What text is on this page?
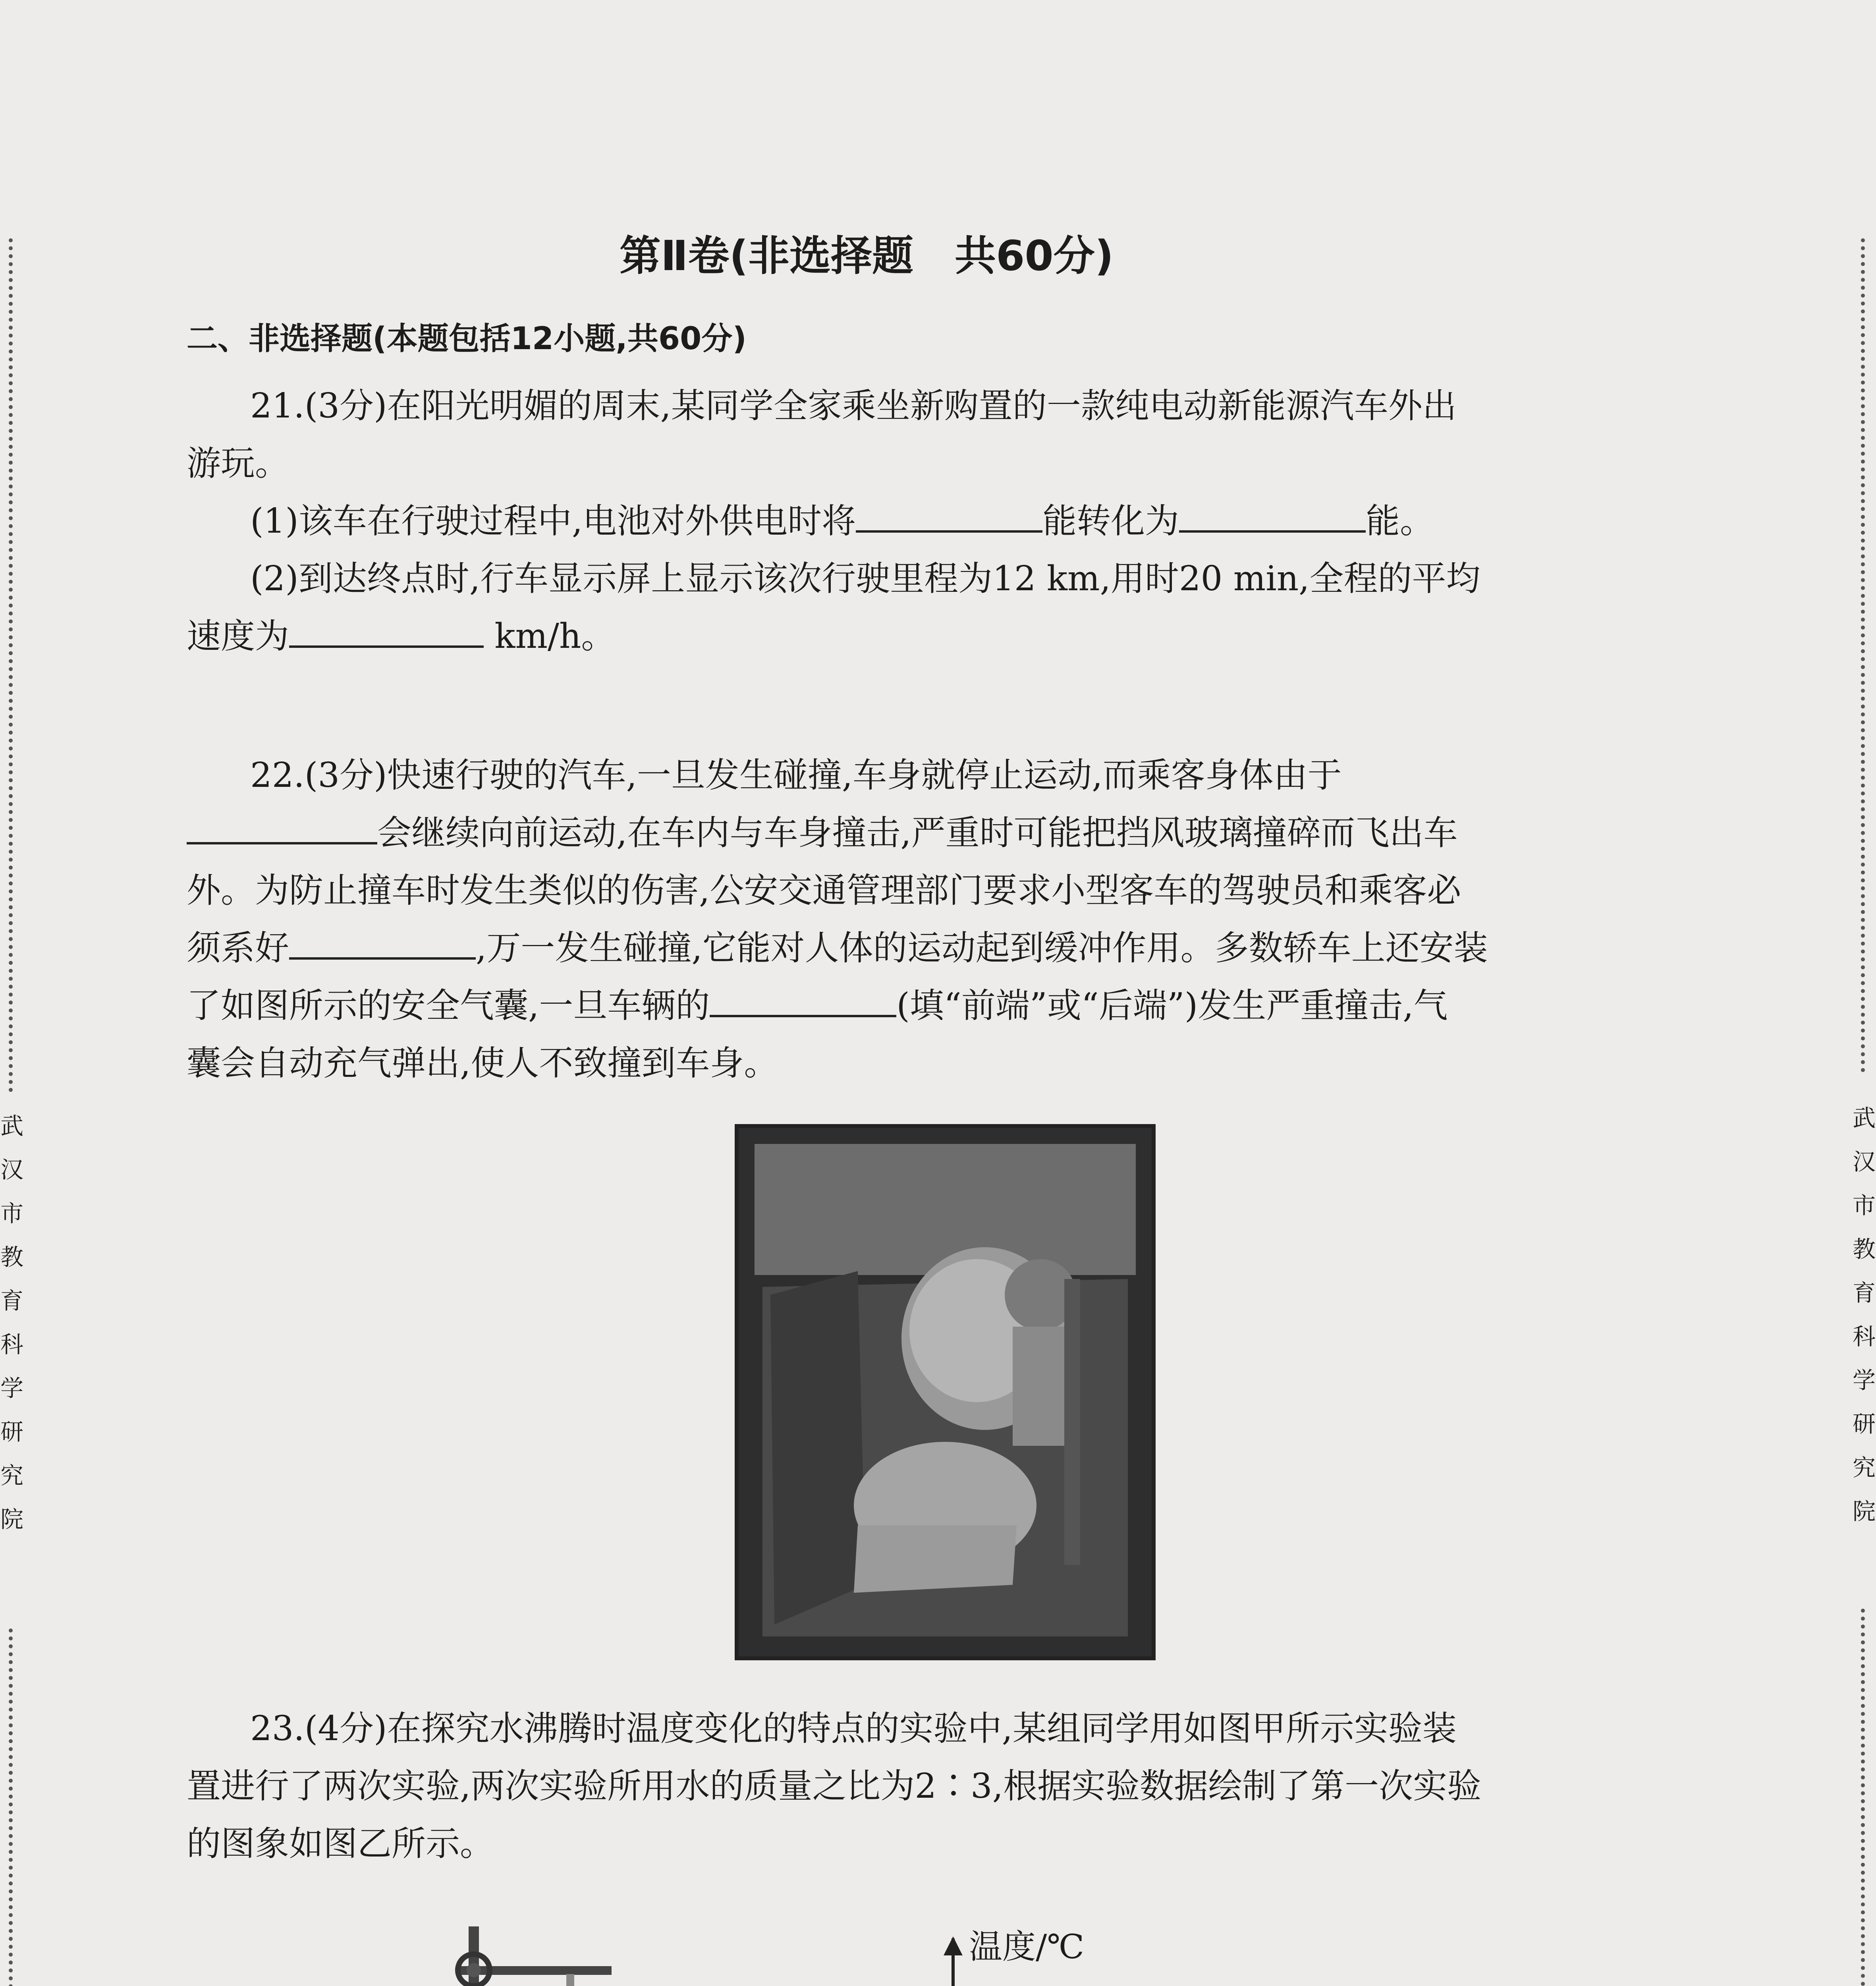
武
汉
市
教
育
科
学
研
究
院
武
汉
市
教
育
科
学
研
究
院
第Ⅱ卷(非选择题　共60分)
二、非选择题(本题包括12小题,共60分)

21.(3分)在阳光明媚的周末,某同学全家乘坐新购置的一款纯电动新能源汽车外出

游玩。

(1)该车在行驶过程中,电池对外供电时将	能转化为	能。

(2)到达终点时,行车显示屏上显示该次行驶里程为12 km,用时20 min,全程的平均

速度为	km/h。

22.(3分)快速行驶的汽车,一旦发生碰撞,车身就停止运动,而乘客身体由于

会继续向前运动,在车内与车身撞击,严重时可能把挡风玻璃撞碎而飞出车

外。为防止撞车时发生类似的伤害,公安交通管理部门要求小型客车的驾驶员和乘客必

须系好	,万一发生碰撞,它能对人体的运动起到缓冲作用。多数轿车上还安装

了如图所示的安全气囊,一旦车辆的	(填“前端”或“后端”)发生严重撞击,气

囊会自动充气弹出,使人不致撞到车身。

23.(4分)在探究水沸腾时温度变化的特点的实验中,某组同学用如图甲所示实验装

置进行了两次实验,两次实验所用水的质量之比为2∶3,根据实验数据绘制了第一次实验

的图象如图乙所示。

温度/℃
